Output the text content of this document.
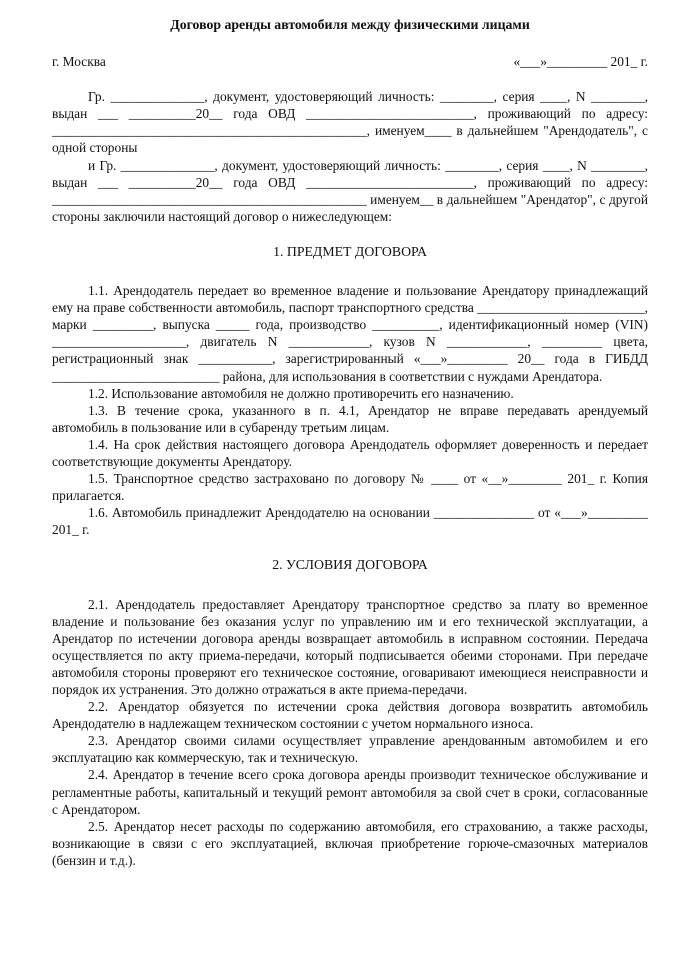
Договор аренды автомобиля между физическими лицами
г. Москва	«___»_________ 201_ г.

Гр. ______________, документ, удостоверяющий личность: ________, серия ____, N ________, выдан ___ __________20__ года ОВД _________________________, проживающий по адресу: _______________________________________________, именуем____ в дальнейшем "Арендодатель", с одной стороны

и Гр. ______________, документ, удостоверяющий личность: ________, серия ____, N ________, выдан ___ __________20__ года ОВД _________________________, проживающий по адресу: _______________________________________________ именуем__ в дальнейшем "Арендатор", с другой стороны заключили настоящий договор о нижеследующем:

1. ПРЕДМЕТ ДОГОВОРА

1.1. Арендодатель передает во временное владение и пользование Арендатору принадлежащий ему на праве собственности автомобиль, паспорт транспортного средства _________________________, марки _________, выпуска _____ года, производство __________, идентификационный номер (VIN) ____________________, двигатель N ____________, кузов N ____________, _________ цвета, регистрационный знак ___________, зарегистрированный «___»_________ 20__ года в ГИБДД _________________________ района, для использования в соответствии с нуждами Арендатора.

1.2. Использование автомобиля не должно противоречить его назначению.

1.3. В течение срока, указанного в п. 4.1, Арендатор не вправе передавать арендуемый автомобиль в пользование или в субаренду третьим лицам.

1.4. На срок действия настоящего договора Арендодатель оформляет доверенность и передает соответствующие документы Арендатору.

1.5. Транспортное средство застраховано по договору № ____ от «__»________ 201_ г. Копия прилагается.

1.6. Автомобиль принадлежит Арендодателю на основании _______________ от «___»_________ 201_ г.

2. УСЛОВИЯ ДОГОВОРА

2.1. Арендодатель предоставляет Арендатору транспортное средство за плату во временное владение и пользование без оказания услуг по управлению им и его технической эксплуатации, а Арендатор по истечении договора аренды возвращает автомобиль в исправном состоянии. Передача осуществляется по акту приема-передачи, который подписывается обеими сторонами. При передаче автомобиля стороны проверяют его техническое состояние, оговаривают имеющиеся неисправности и порядок их устранения. Это должно отражаться в акте приема-передачи.

2.2. Арендатор обязуется по истечении срока действия договора возвратить автомобиль Арендодателю в надлежащем техническом состоянии с учетом нормального износа.

2.3. Арендатор своими силами осуществляет управление арендованным автомобилем и его эксплуатацию как коммерческую, так и техническую.

2.4. Арендатор в течение всего срока договора аренды производит техническое обслуживание и регламентные работы, капитальный и текущий ремонт автомобиля за свой счет в сроки, согласованные с Арендатором.

2.5. Арендатор несет расходы по содержанию автомобиля, его страхованию, а также расходы, возникающие в связи с его эксплуатацией, включая приобретение горюче-смазочных материалов (бензин и т.д.).
